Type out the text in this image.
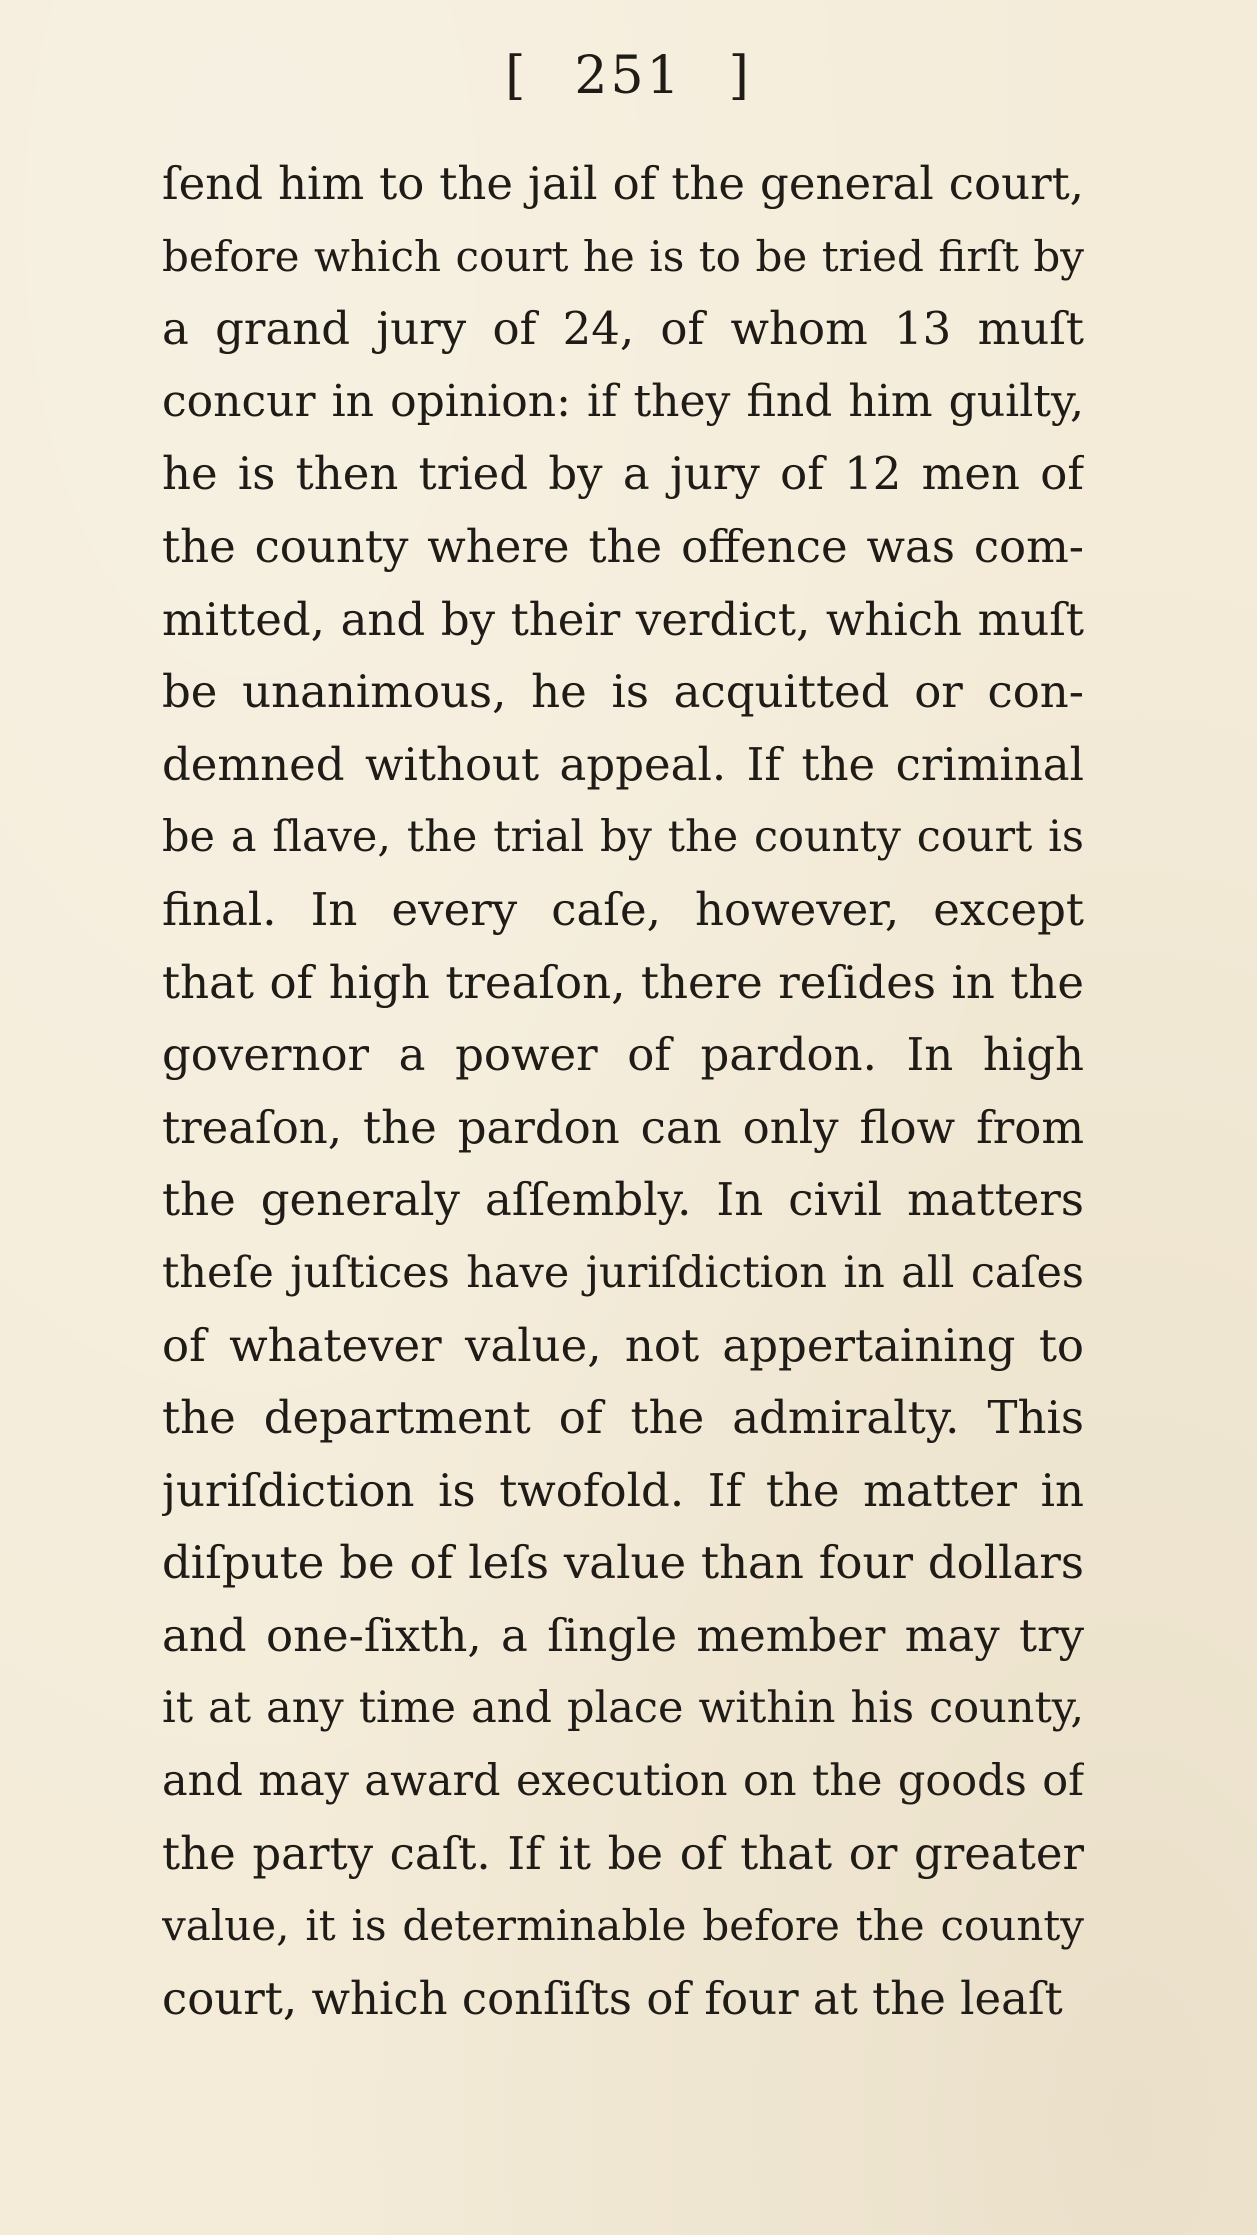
[ 251 ]
ſend him to the jail of the general court,
before which court he is to be tried firſt by
a grand jury of 24, of whom 13 muſt
concur in opinion: if they find him guilty,
he is then tried by a jury of 12 men of
the county where the offence was com-
mitted, and by their verdict, which muſt
be unanimous, he is acquitted or con-
demned without appeal. If the criminal
be a ſlave, the trial by the county court is
final. In every caſe, however, except
that of high treaſon, there reſides in the
governor a power of pardon. In high
treaſon, the pardon can only flow from
the generaly aſſembly. In civil matters
theſe juſtices have juriſdiction in all caſes
of whatever value, not appertaining to
the department of the admiralty. This
juriſdiction is twofold. If the matter in
diſpute be of leſs value than four dollars
and one-ſixth, a ſingle member may try
it at any time and place within his county,
and may award execution on the goods of
the party caſt. If it be of that or greater
value, it is determinable before the county
court, which conſiſts of four at the leaſt
